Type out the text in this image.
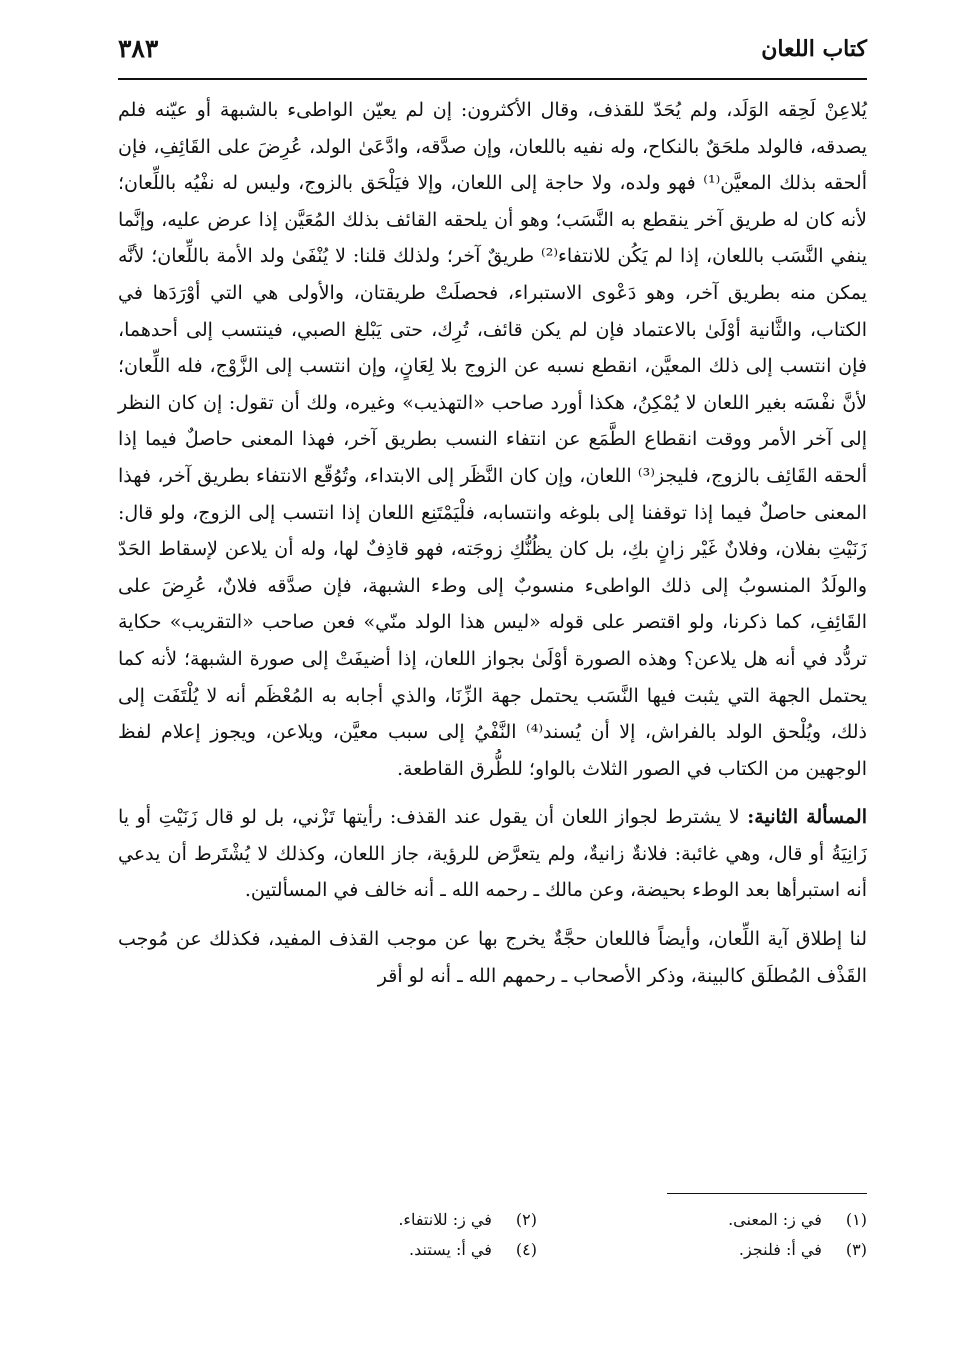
كتاب اللعان
٣٨٣

يُلاعِنْ لَحِقه الوَلَد، ولم يُحَدّ للقذف، وقال الأكثرون: إن لم يعيّن الواطىء بالشبهة أو عيّنه فلم يصدقه، فالولد ملحَقٌ بالنكاح، وله نفيه باللعان، وإن صدَّقه، وادَّعَىٰ الولد، عُرِضَ على القَائِفِ، فإن ألحقه بذلك المعيَّن⁽¹⁾ فهو ولده، ولا حاجة إلى اللعان، وإلا فيَلْحَق بالزوج، وليس له نفْيُه باللِّعان؛ لأنه كان له طريق آخر ينقطع به النَّسَب؛ وهو أن يلحقه القائف بذلك المُعَيَّن إذا عرض عليه، وإنَّما ينفي النَّسَب باللعان، إذا لم يَكُن للانتفاء⁽²⁾ طريقٌ آخر؛ ولذلك قلنا: لا يُنْفَىٰ ولد الأمة باللِّعان؛ لأنَّه يمكن منه بطريق آخر، وهو دَعْوى الاستبراء، فحصلَتْ طريقتان، والأولى هي التي أوْرَدَها في الكتاب، والثَّانية أوْلَىٰ بالاعتماد فإن لم يكن قائف، تُرِك، حتى يَبْلغ الصبي، فينتسب إلى أحدهما، فإن انتسب إلى ذلك المعيَّن، انقطع نسبه عن الزوج بلا لِعَانٍ، وإن انتسب إلى الزَّوْج، فله اللِّعان؛ لأنَّ نفْسَه بغير اللعان لا يُمْكِنُ، هكذا أورد صاحب «التهذيب» وغيره، ولك أن تقول: إن كان النظر إلى آخر الأمر ووقت انقطاع الطَّمَع عن انتفاء النسب بطريق آخر، فهذا المعنى حاصلٌ فيما إذا ألحقه القَائِف بالزوج، فليجز⁽³⁾ اللعان، وإن كان النَّظَر إلى الابتداء، وتُوُقّع الانتفاء بطريق آخر، فهذا المعنى حاصلٌ فيما إذا توقفنا إلى بلوغه وانتسابه، فلْيَمْتَنِع اللعان إذا انتسب إلى الزوج، ولو قال: زَنَيْتِ بفلان، وفلانٌ غَيْر زانٍ بكِ، بل كان يظُنُّكِ زوجَته، فهو قاذِفٌ لها، وله أن يلاعن لإسقاط الحَدّ والولَدُ المنسوبُ إلى ذلك الواطىء منسوبٌ إلى وطء الشبهة، فإن صدَّقه فلانٌ، عُرِضَ على القَائِفِ، كما ذكرنا، ولو اقتصر على قوله «ليس هذا الولد منّي» فعن صاحب «التقريب» حكاية تردُّد في أنه هل يلاعن؟ وهذه الصورة أوْلَىٰ بجواز اللعان، إذا أضيفَتْ إلى صورة الشبهة؛ لأنه كما يحتمل الجهة التي يثبت فيها النَّسَب يحتمل جهة الزِّنَا، والذي أجابه به المُعْظَم أنه لا يُلْتَفَت إلى ذلك، ويُلْحق الولد بالفراش، إلا أن يُسند⁽⁴⁾ النَّفْيُ إلى سبب معيَّن، ويلاعن، ويجوز إعلام لفظ الوجهين من الكتاب في الصور الثلاث بالواو؛ للطُّرق القاطعة.

المسألة الثانية: لا يشترط لجواز اللعان أن يقول عند القذف: رأيتها تَزْني، بل لو قال زَنَيْتِ أو يا زَانِيَةُ أو قال، وهي غائبة: فلانةٌ زانيةٌ، ولم يتعرَّض للرؤية، جاز اللعان، وكذلك لا يُشْتَرط أن يدعي أنه استبرأها بعد الوطء بحيضة، وعن مالك ـ رحمه الله ـ أنه خالف في المسألتين.

لنا إطلاق آية اللِّعان، وأيضاً فاللعان حجَّةٌ يخرج بها عن موجب القذف المفيد، فكذلك عن مُوجب القَذْف المُطلَق كالبينة، وذكر الأصحاب ـ رحمهم الله ـ أنه لو أقر

(١) في ز: المعنى.
(٢) في ز: للانتفاء.
(٣) في أ: فلنجز.
(٤) في أ: يستند.
